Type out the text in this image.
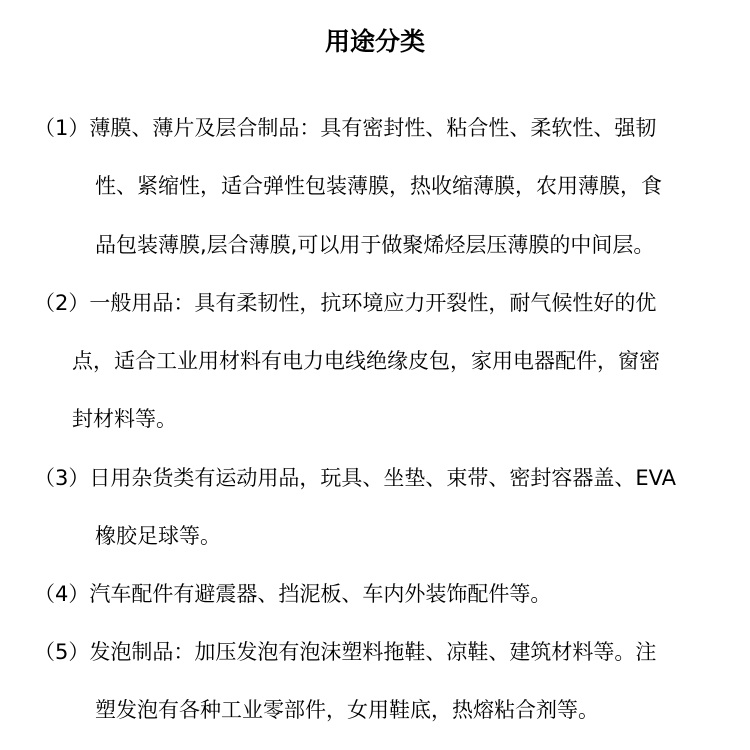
用途分类
（1）薄膜、薄片及层合制品：具有密封性、粘合性、柔软性、强韧
性、紧缩性，适合弹性包装薄膜，热收缩薄膜，农用薄膜，食
品包装薄膜,层合薄膜,可以用于做聚烯烃层压薄膜的中间层。
（2）一般用品：具有柔韧性，抗环境应力开裂性，耐气候性好的优
点，适合工业用材料有电力电线绝缘皮包，家用电器配件，窗密
封材料等。
（3）日用杂货类有运动用品，玩具、坐垫、束带、密封容器盖、EVA
橡胶足球等。
（4）汽车配件有避震器、挡泥板、车内外装饰配件等。
（5）发泡制品：加压发泡有泡沫塑料拖鞋、凉鞋、建筑材料等。注
塑发泡有各种工业零部件，女用鞋底，热熔粘合剂等。
